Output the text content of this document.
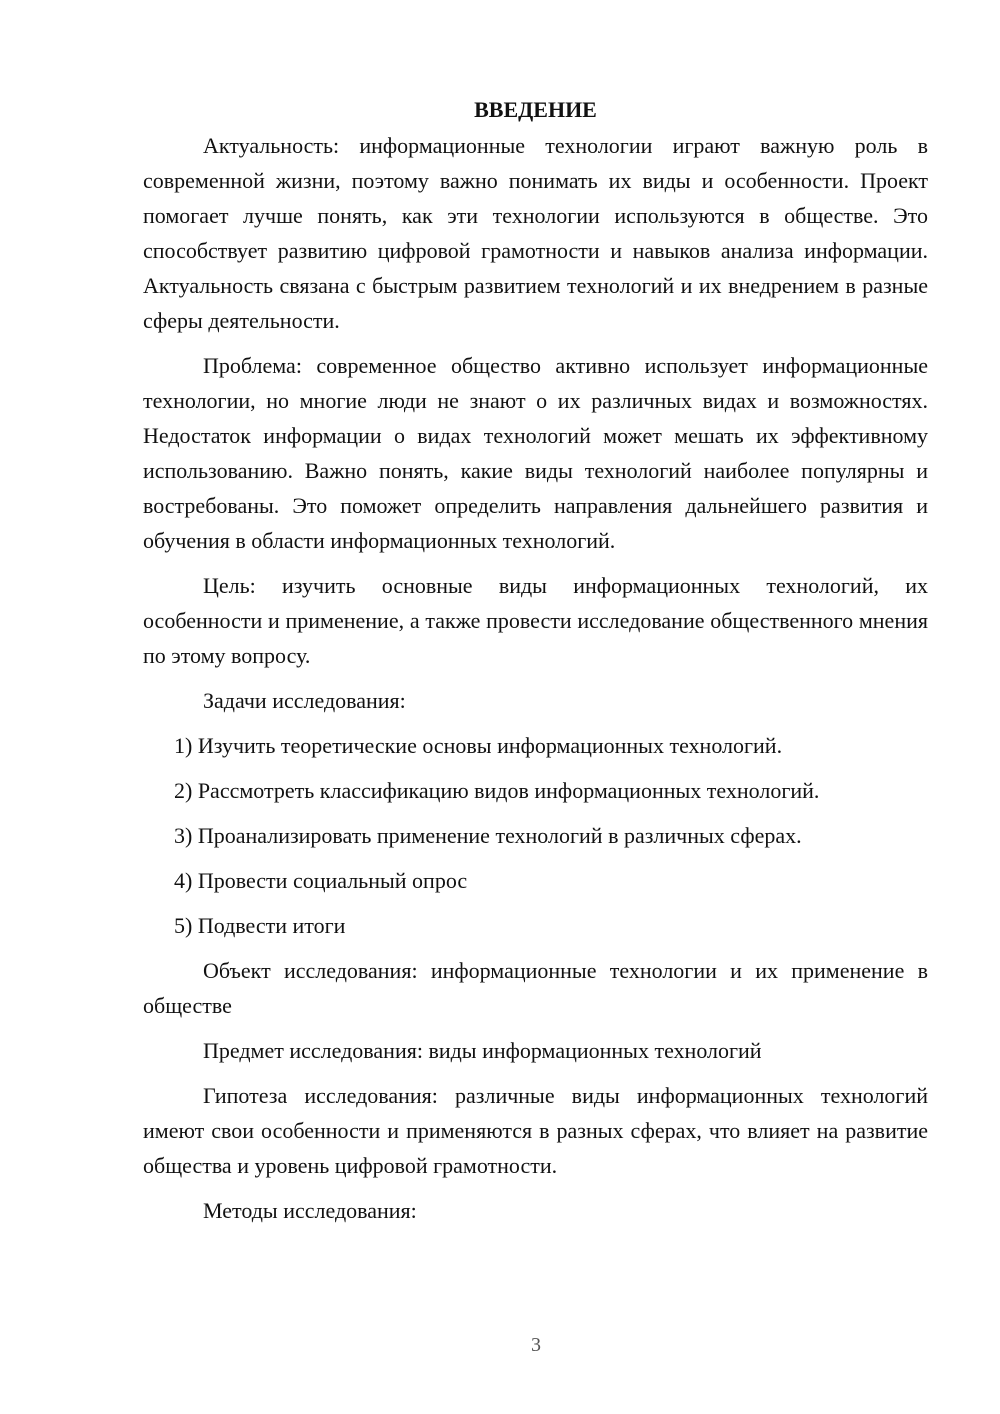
ВВЕДЕНИЕ

Актуальность: информационные технологии играют важную роль в современной жизни, поэтому важно понимать их виды и особенности. Проект помогает лучше понять, как эти технологии используются в обществе. Это способствует развитию цифровой грамотности и навыков анализа информации. Актуальность связана с быстрым развитием технологий и их внедрением в разные сферы деятельности.

Проблема: современное общество активно использует информационные технологии, но многие люди не знают о их различных видах и возможностях. Недостаток информации о видах технологий может мешать их эффективному использованию. Важно понять, какие виды технологий наиболее популярны и востребованы. Это поможет определить направления дальнейшего развития и обучения в области информационных технологий.

Цель: изучить основные виды информационных технологий, их особенности и применение, а также провести исследование общественного мнения по этому вопросу.

Задачи исследования:

1) Изучить теоретические основы информационных технологий.

2) Рассмотреть классификацию видов информационных технологий.

3) Проанализировать применение технологий в различных сферах.

4) Провести социальный опрос

5) Подвести итоги

Объект исследования: информационные технологии и их применение в обществе

Предмет исследования: виды информационных технологий

Гипотеза исследования: различные виды информационных технологий имеют свои особенности и применяются в разных сферах, что влияет на развитие общества и уровень цифровой грамотности.

Методы исследования:

3
